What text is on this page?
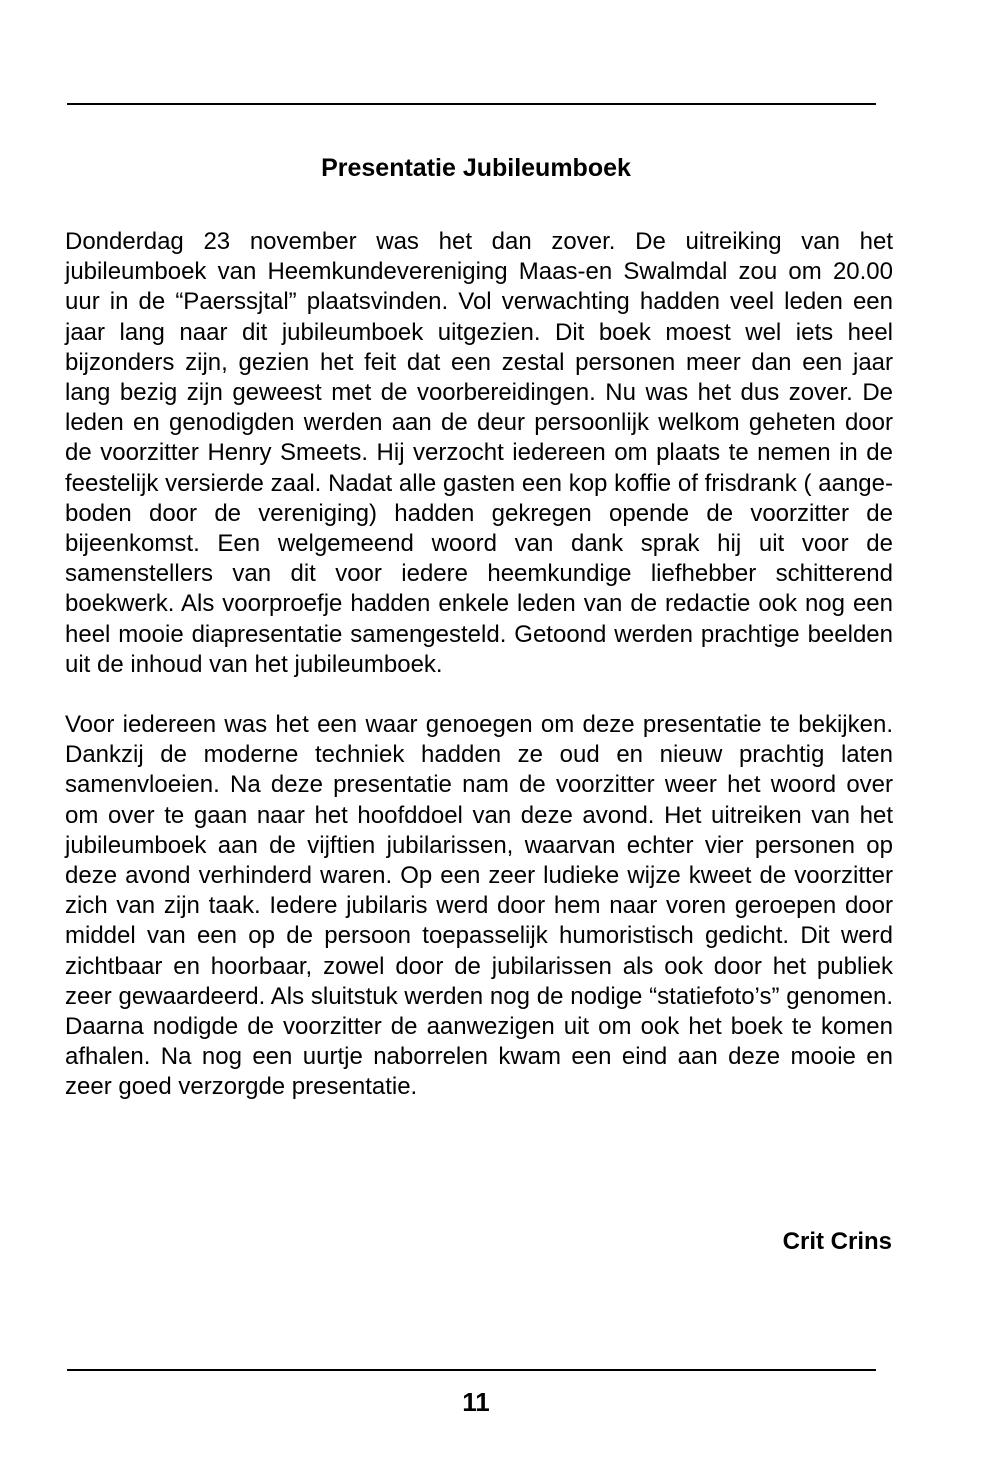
Presentatie Jubileumboek

Donderdag 23 november was het dan zover. De uitreiking van het jubileumboek van Heemkundevereniging Maas-en Swalmdal zou om 20.00 uur in de “Paerssjtal” plaatsvinden. Vol verwachting hadden veel leden een jaar lang naar dit jubileumboek uitgezien. Dit boek moest wel iets heel bijzonders zijn, gezien het feit dat een zestal personen meer dan een jaar lang bezig zijn geweest met de voorbereidingen. Nu was het dus zover. De leden en genodigden werden aan de deur persoonlijk welkom geheten door de voorzitter Henry Smeets. Hij verzocht iedereen om plaats te nemen in de feestelijk versierde zaal. Nadat alle gasten een kop koffie of frisdrank ( aangeboden door de vereniging) hadden gekregen opende de voorzitter de bijeenkomst. Een welgemeend woord van dank sprak hij uit voor de samenstellers van dit voor iedere heemkundige liefhebber schitterend boekwerk. Als voorproefje hadden enkele leden van de redactie ook nog een heel mooie diapresentatie samengesteld. Getoond werden prachtige beelden uit de inhoud van het jubileumboek.

Voor iedereen was het een waar genoegen om deze presentatie te bekijken. Dankzij de moderne techniek hadden ze oud en nieuw prachtig laten samenvloeien. Na deze presentatie nam de voorzitter weer het woord over om over te gaan naar het hoofddoel van deze avond. Het uitreiken van het jubileumboek aan de vijftien jubilarissen, waarvan echter vier personen op deze avond verhinderd waren. Op een zeer ludieke wijze kweet de voorzitter zich van zijn taak. Iedere jubilaris werd door hem naar voren geroepen door middel van een op de persoon toepasselijk humoristisch gedicht. Dit werd zichtbaar en hoorbaar, zowel door de jubilarissen als ook door het publiek zeer gewaardeerd. Als sluitstuk werden nog de nodige “statiefoto’s” genomen. Daarna nodigde de voorzitter de aanwezigen uit om ook het boek te komen afhalen. Na nog een uurtje naborrelen kwam een eind aan deze mooie en zeer goed verzorgde presentatie.

Crit Crins

11
